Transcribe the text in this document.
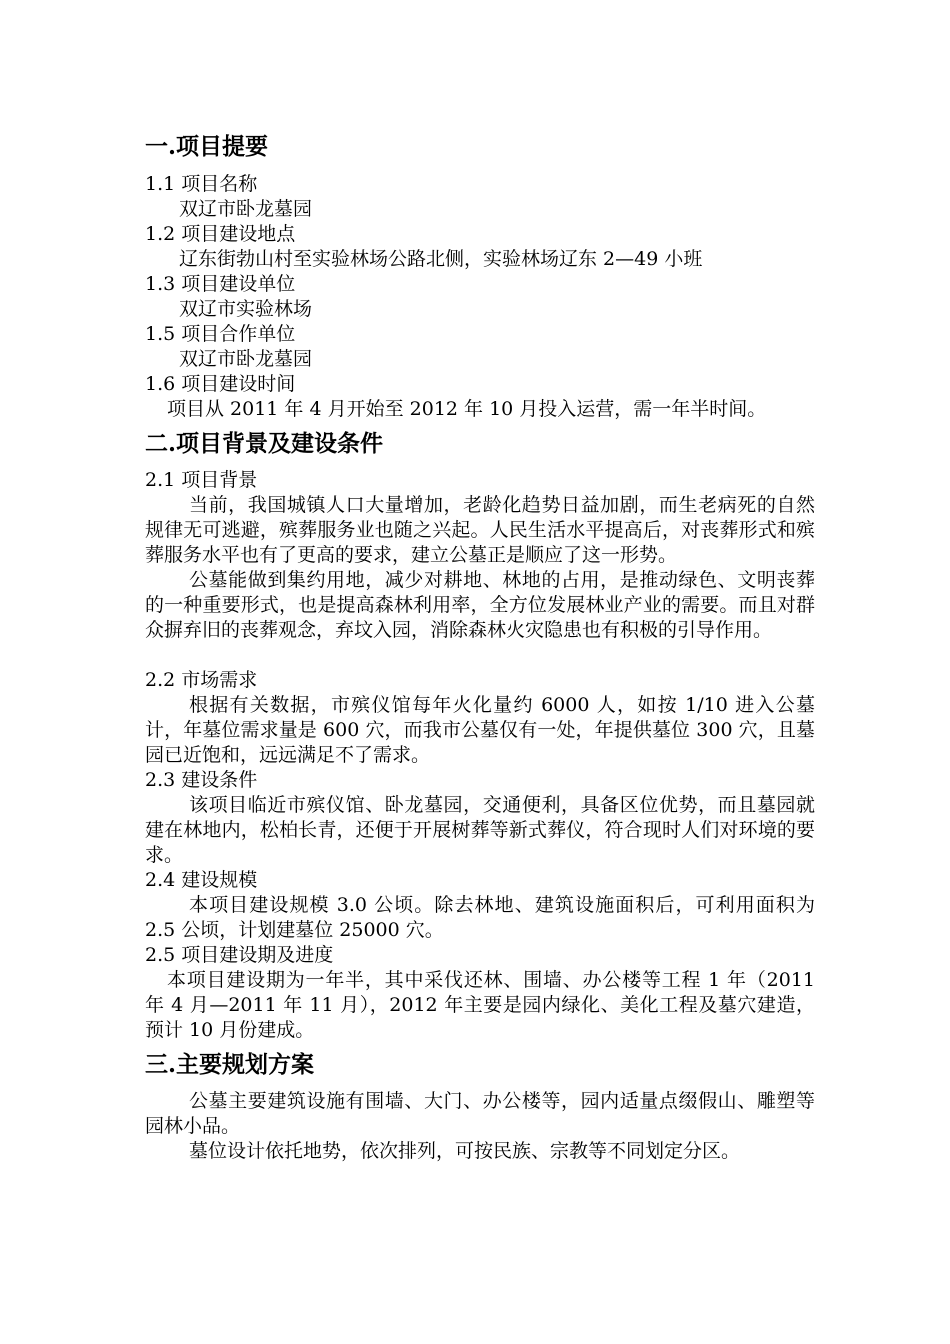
一.项目提要

1.1 项目名称

双辽市卧龙墓园

1.2 项目建设地点

辽东街勃山村至实验林场公路北侧，实验林场辽东 2—49 小班

1.3 项目建设单位

双辽市实验林场

1.5 项目合作单位

双辽市卧龙墓园

1.6 项目建设时间

项目从 2011 年 4 月开始至 2012 年 10 月投入运营，需一年半时间。

二.项目背景及建设条件

2.1 项目背景

当前，我国城镇人口大量增加，老龄化趋势日益加剧，而生老病死的自然规律无可逃避，殡葬服务业也随之兴起。人民生活水平提高后，对丧葬形式和殡葬服务水平也有了更高的要求，建立公墓正是顺应了这一形势。

公墓能做到集约用地，减少对耕地、林地的占用，是推动绿色、文明丧葬的一种重要形式，也是提高森林利用率，全方位发展林业产业的需要。而且对群众摒弃旧的丧葬观念，弃坟入园，消除森林火灾隐患也有积极的引导作用。

2.2 市场需求

根据有关数据，市殡仪馆每年火化量约 6000 人，如按 1/10 进入公墓计，年墓位需求量是 600 穴，而我市公墓仅有一处，年提供墓位 300 穴，且墓园已近饱和，远远满足不了需求。

2.3 建设条件

该项目临近市殡仪馆、卧龙墓园，交通便利，具备区位优势，而且墓园就建在林地内，松柏长青，还便于开展树葬等新式葬仪，符合现时人们对环境的要求。

2.4 建设规模

本项目建设规模 3.0 公顷。除去林地、建筑设施面积后，可利用面积为 2.5 公顷，计划建墓位 25000 穴。

2.5 项目建设期及进度

本项目建设期为一年半，其中采伐还林、围墙、办公楼等工程 1 年（2011 年 4 月—2011 年 11 月），2012 年主要是园内绿化、美化工程及墓穴建造，预计 10 月份建成。

三.主要规划方案

公墓主要建筑设施有围墙、大门、办公楼等，园内适量点缀假山、雕塑等园林小品。

墓位设计依托地势，依次排列，可按民族、宗教等不同划定分区。
